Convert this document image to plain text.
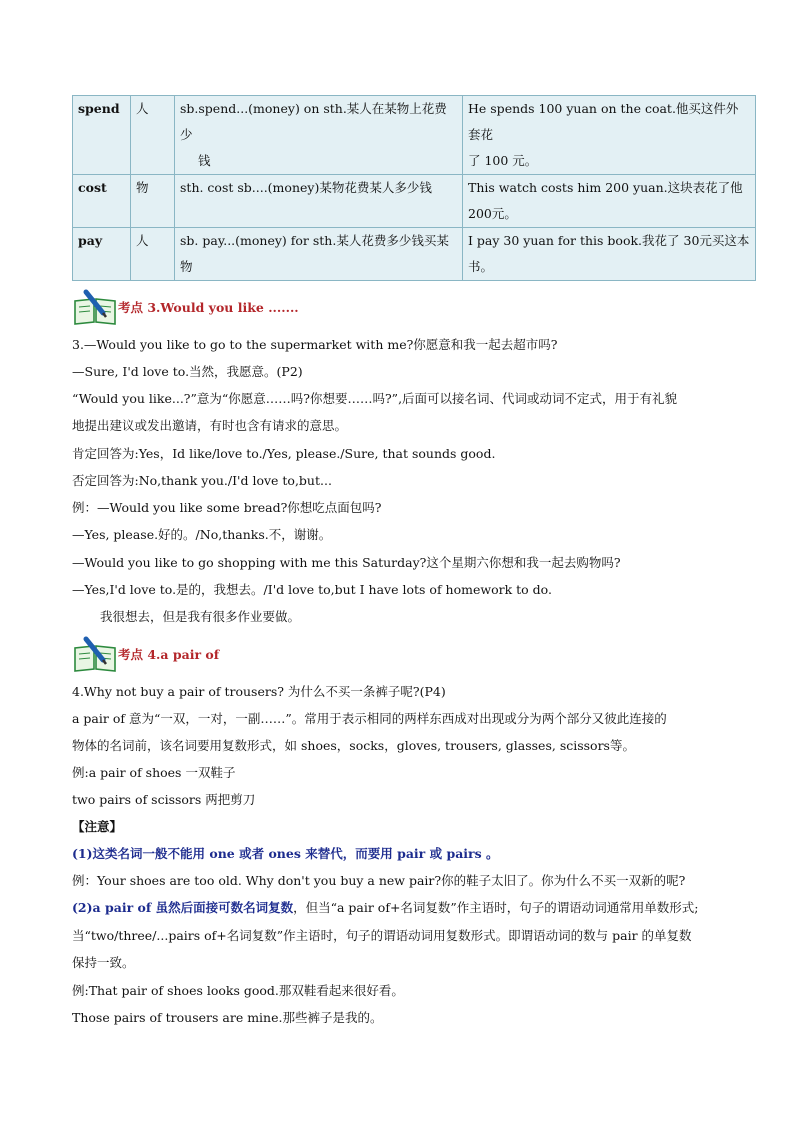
spend	人	sb.spend...(money) on sth.某人在某物上花费少
钱	He spends 100 yuan on the coat.他买这件外套花
了 100 元。
cost	物	sth. cost sb....(money)某物花费某人多少钱	This watch costs him 200 yuan.这块表花了他
200元。
pay	人	sb. pay...(money) for sth.某人花费多少钱买某
物	I pay 30 yuan for this book.我花了 30元买这本
书。
考点 3.Would you like .......
3.—Would you like to go to the supermarket with me?你愿意和我一起去超市吗?
—Sure, I'd love to.当然，我愿意。(P2)
“Would you like...?”意为“你愿意……吗?你想要……吗?”,后面可以接名词、代词或动词不定式，用于有礼貌
地提出建议或发出邀请，有时也含有请求的意思。
肯定回答为:Yes，Id like/love to./Yes, please./Sure, that sounds good.
否定回答为:No,thank you./I'd love to,but...
例：—Would you like some bread?你想吃点面包吗?
—Yes, please.好的。/No,thanks.不，谢谢。
—Would you like to go shopping with me this Saturday?这个星期六你想和我一起去购物吗?
—Yes,I'd love to.是的，我想去。/I'd love to,but I have lots of homework to do.
我很想去，但是我有很多作业要做。
考点 4.a pair of
4.Why not buy a pair of trousers? 为什么不买一条裤子呢?(P4)
a pair of 意为“一双，一对，一副……”。常用于表示相同的两样东西成对出现或分为两个部分又彼此连接的
物体的名词前，该名词要用复数形式，如 shoes，socks，gloves, trousers, glasses, scissors等。
例:a pair of shoes 一双鞋子
two pairs of scissors 两把剪刀
【注意】
(1)这类名词一般不能用 one 或者 ones 来替代，而要用 pair 或 pairs 。
例：Your shoes are too old. Why don't you buy a new pair?你的鞋子太旧了。你为什么不买一双新的呢?
(2)a pair of 虽然后面接可数名词复数，但当“a pair of+名词复数”作主语时，句子的谓语动词通常用单数形式;
当“two/three/...pairs of+名词复数”作主语时，句子的谓语动词用复数形式。即谓语动词的数与 pair 的单复数
保持一致。
例:That pair of shoes looks good.那双鞋看起来很好看。
Those pairs of trousers are mine.那些裤子是我的。
